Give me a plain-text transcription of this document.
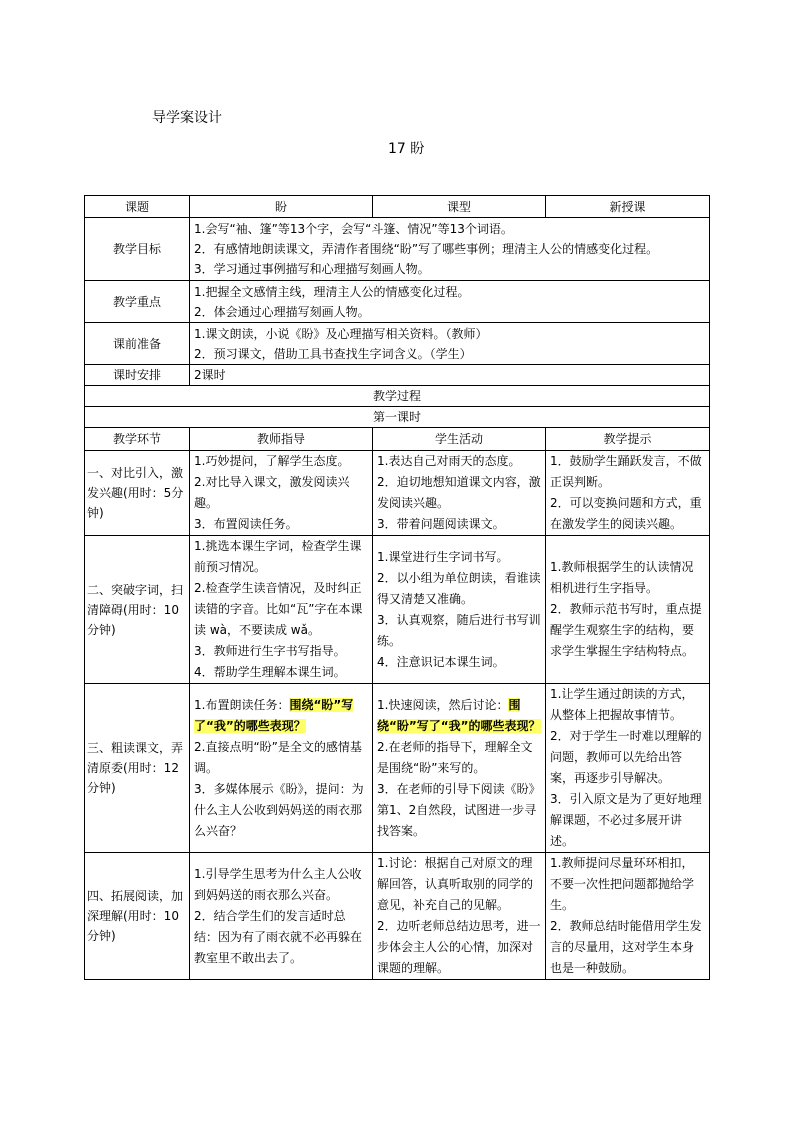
导学案设计
17 盼
课题	盼	课型	新授课
教学目标	1.会写“袖、篷”等13个字，会写“斗篷、情况”等13个词语。
2．有感情地朗读课文，弄清作者围绕“盼”写了哪些事例；理清主人公的情感变化过程。
3．学习通过事例描写和心理描写刻画人物。		

教学重点	1.把握全文感情主线，理清主人公的情感变化过程。
2．体会通过心理描写刻画人物。		

课前准备	1.课文朗读，小说《盼》及心理描写相关资料。（教师）
2．预习课文，借助工具书查找生字词含义。（学生）		

课时安排	2课时		
教学过程			
第一课时			
教学环节	教师指导	学生活动	教学提示
一、对比引入，激发兴趣(用时：5分钟)	1.巧妙提问，了解学生态度。
2.对比导入课文，激发阅读兴趣。
3．布置阅读任务。	1.表达自己对雨天的态度。
2．迫切地想知道课文内容，激发阅读兴趣。
3．带着问题阅读课文。	1．鼓励学生踊跃发言，不做正误判断。
2．可以变换问题和方式，重在激发学生的阅读兴趣。

二、突破字词，扫清障碍(用时：10分钟)	1.挑选本课生字词，检查学生课前预习情况。
2.检查学生读音情况，及时纠正读错的字音。比如“瓦”字在本课读 wà，不要读成 wǎ。
3．教师进行生字书写指导。
4．帮助学生理解本课生词。	1.课堂进行生字词书写。
2．以小组为单位朗读，看谁读得又清楚又准确。
3．认真观察，随后进行书写训练。
4．注意识记本课生词。	1.教师根据学生的认读情况相机进行生字指导。
2．教师示范书写时，重点提醒学生观察生字的结构，要求学生掌握生字结构特点。

三、粗读课文，弄清原委(用时：12分钟)	1.布置朗读任务：围绕“盼”写了“我”的哪些表现？
2.直接点明“盼”是全文的感情基调。
3．多媒体展示《盼》，提问：为什么主人公收到妈妈送的雨衣那么兴奋？	1.快速阅读，然后讨论：围绕“盼”写了“我”的哪些表现？
2.在老师的指导下，理解全文是围绕“盼”来写的。
3．在老师的引导下阅读《盼》第1、2自然段，试图进一步寻找答案。	1.让学生通过朗读的方式，从整体上把握故事情节。
2．对于学生一时难以理解的问题，教师可以先给出答案，再逐步引导解决。
3．引入原文是为了更好地理解课题，不必过多展开讲述。

四、拓展阅读，加深理解(用时：10分钟)	1.引导学生思考为什么主人公收到妈妈送的雨衣那么兴奋。
2．结合学生们的发言适时总结：因为有了雨衣就不必再躲在教室里不敢出去了。	1.讨论：根据自己对原文的理解回答，认真听取别的同学的意见，补充自己的见解。
2．边听老师总结边思考，进一步体会主人公的心情，加深对课题的理解。	1.教师提问尽量环环相扣，不要一次性把问题都抛给学生。
2．教师总结时能借用学生发言的尽量用，这对学生本身也是一种鼓励。
